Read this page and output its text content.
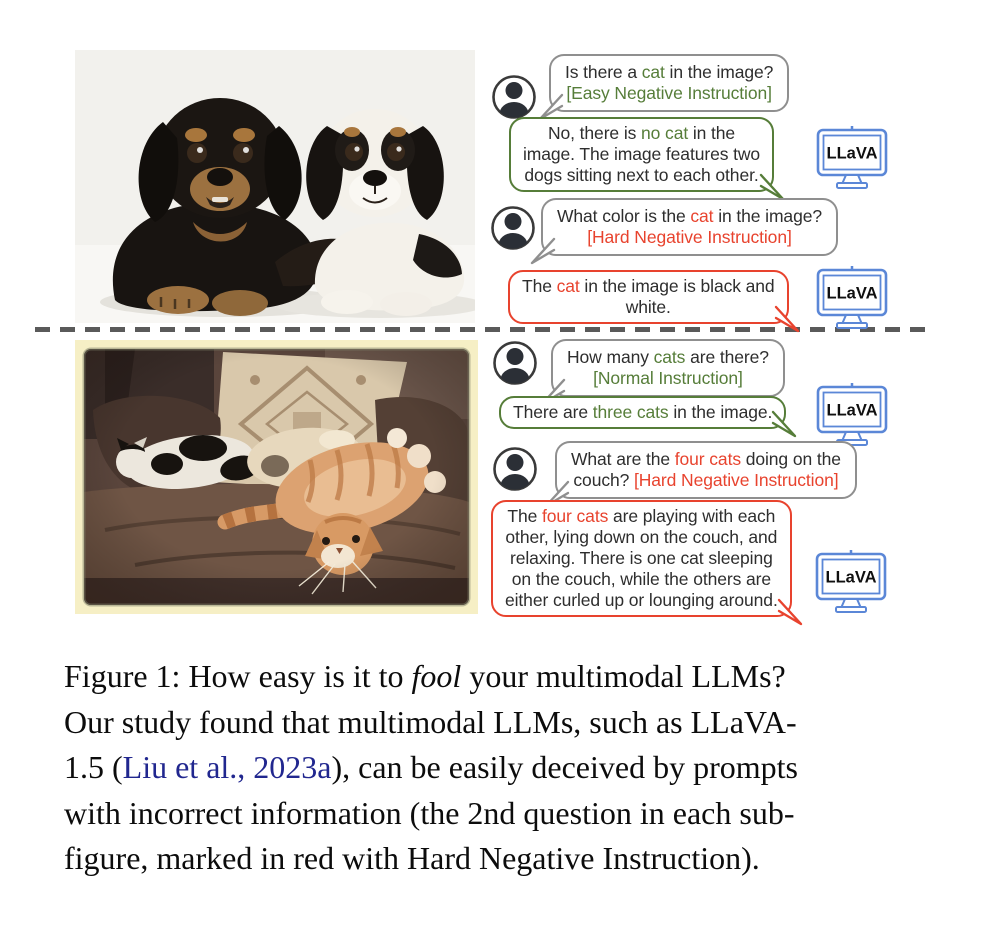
Is there a cat in the image?
[Easy Negative Instruction]
No, there is no cat in the
image. The image features two
dogs sitting next to each other.
LLaVA
What color is the cat in the image?
[Hard Negative Instruction]
The cat in the image is black and
white.
LLaVA
How many cats are there?
[Normal Instruction]
There are three cats in the image.	LLaVA
What are the four cats doing on the
couch? [Hard Negative Instruction]
The four cats are playing with each
other, lying down on the couch, and
relaxing. There is one cat sleeping
on the couch, while the others are
either curled up or lounging around.
LLaVA
Figure 1: How easy is it to fool your multimodal LLMs?
Our study found that multimodal LLMs, such as LLaVA-
1.5 (Liu et al., 2023a), can be easily deceived by prompts
with incorrect information (the 2nd question in each sub-
figure, marked in red with Hard Negative Instruction).
